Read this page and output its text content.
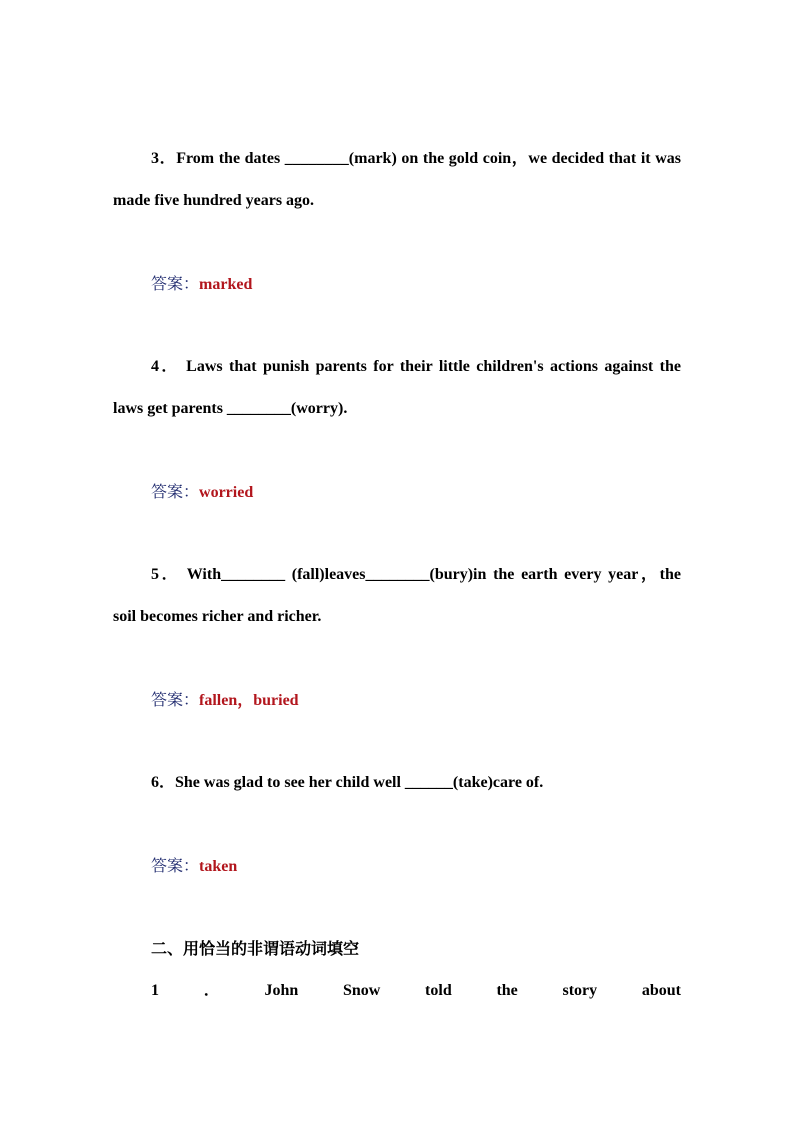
3．From the dates ________(mark) on the gold coin，we decided that it was made five hundred years ago.

答案：marked

4． Laws that punish parents for their little children's actions against the laws get parents ________(worry).

答案：worried

5． With________ (fall)leaves________(bury)in the earth every year，the soil becomes richer and richer.

答案：fallen，buried

6．She was glad to see her child well ______(take)care of.

答案：taken

二、用恰当的非谓语动词填空

1	．	John	Snow	told	the	story	about
